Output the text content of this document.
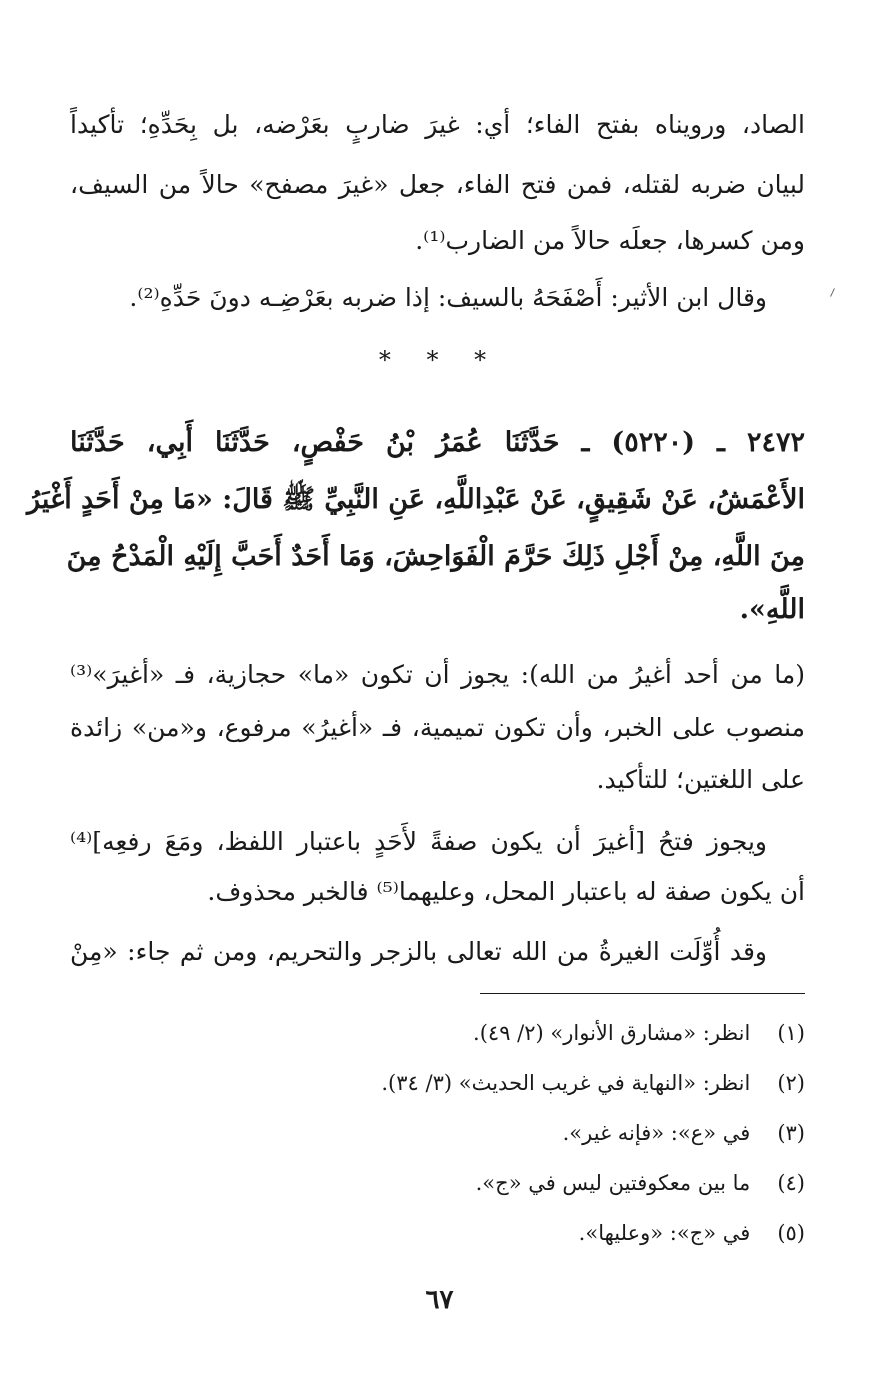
الصاد، ورويناه بفتح الفاء؛ أي: غيرَ ضاربٍ بعَرْضه، بل بِحَدِّهِ؛ تأكيداً
لبيان ضربه لقتله، فمن فتح الفاء، جعل «غيرَ مصفح» حالاً من السيف،
ومن كسرها، جعلَه حالاً من الضارب⁽¹⁾.
وقال ابن الأثير: أَصْفَحَهُ بالسيف: إذا ضربه بعَرْضِـه دونَ حَدِّهِ⁽²⁾.
* * *
٢٤٧٢ ـ (٥٢٢٠) ـ حَدَّثَنَا عُمَرُ بْنُ حَفْصٍ، حَدَّثَنَا أَبِي، حَدَّثَنَا
الأَعْمَشُ، عَنْ شَقِيقٍ، عَنْ عَبْدِاللَّهِ، عَنِ النَّبِيِّ ﷺ قَالَ: «مَا مِنْ أَحَدٍ أَغْيَرُ
مِنَ اللَّهِ، مِنْ أَجْلِ ذَلِكَ حَرَّمَ الْفَوَاحِشَ، وَمَا أَحَدٌ أَحَبَّ إِلَيْهِ الْمَدْحُ مِنَ
اللَّهِ».
(ما من أحد أغيرُ من الله): يجوز أن تكون «ما» حجازية، فـ «أغيرَ»⁽³⁾
منصوب على الخبر، وأن تكون تميمية، فـ «أغيرُ» مرفوع، و«من» زائدة
على اللغتين؛ للتأكيد.
ويجوز فتحُ [أغيرَ أن يكون صفةً لأَحَدٍ باعتبار اللفظ، ومَعَ رفعِه]⁽⁴⁾
أن يكون صفة له باعتبار المحل، وعليهما⁽⁵⁾ فالخبر محذوف.
وقد أُوِّلَت الغيرةُ من الله تعالى بالزجر والتحريم، ومن ثم جاء: «مِنْ
(١) انظر: «مشارق الأنوار» (٢/ ٤٩).
(٢) انظر: «النهاية في غريب الحديث» (٣/ ٣٤).
(٣) في «ع»: «فإنه غير».
(٤) ما بين معكوفتين ليس في «ج».
(٥) في «ج»: «وعليها».
٦٧
